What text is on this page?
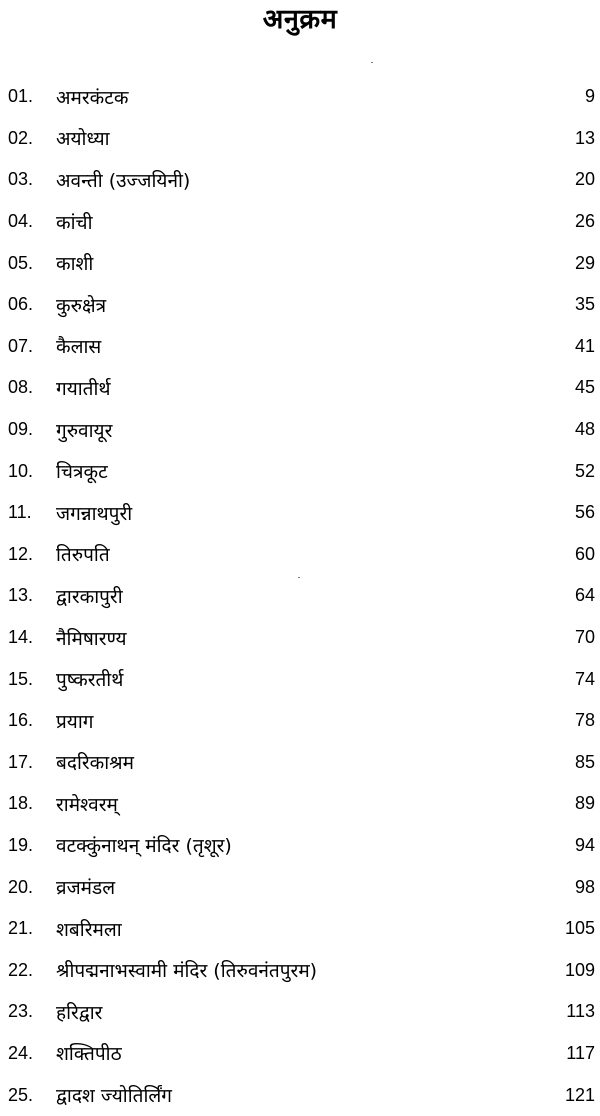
अनुक्रम
01.	अमरकंटक	9
02.	अयोध्या	13
03.	अवन्ती (उज्जयिनी)	20
04.	कांची	26
05.	काशी	29
06.	कुरुक्षेत्र	35
07.	कैलास	41
08.	गयातीर्थ	45
09.	गुरुवायूर	48
10.	चित्रकूट	52
11.	जगन्नाथपुरी	56
12.	तिरुपति	60
13.	द्वारकापुरी	64
14.	नैमिषारण्य	70
15.	पुष्करतीर्थ	74
16.	प्रयाग	78
17.	बदरिकाश्रम	85
18.	रामेश्वरम्	89
19.	वटक्कुंनाथन् मंदिर (तृशूर)	94
20.	व्रजमंडल	98
21.	शबरिमला	105
22.	श्रीपद्मनाभस्वामी मंदिर (तिरुवनंतपुरम)	109
23.	हरिद्वार	113
24.	शक्तिपीठ	117
25.	द्वादश ज्योतिर्लिंग	121
